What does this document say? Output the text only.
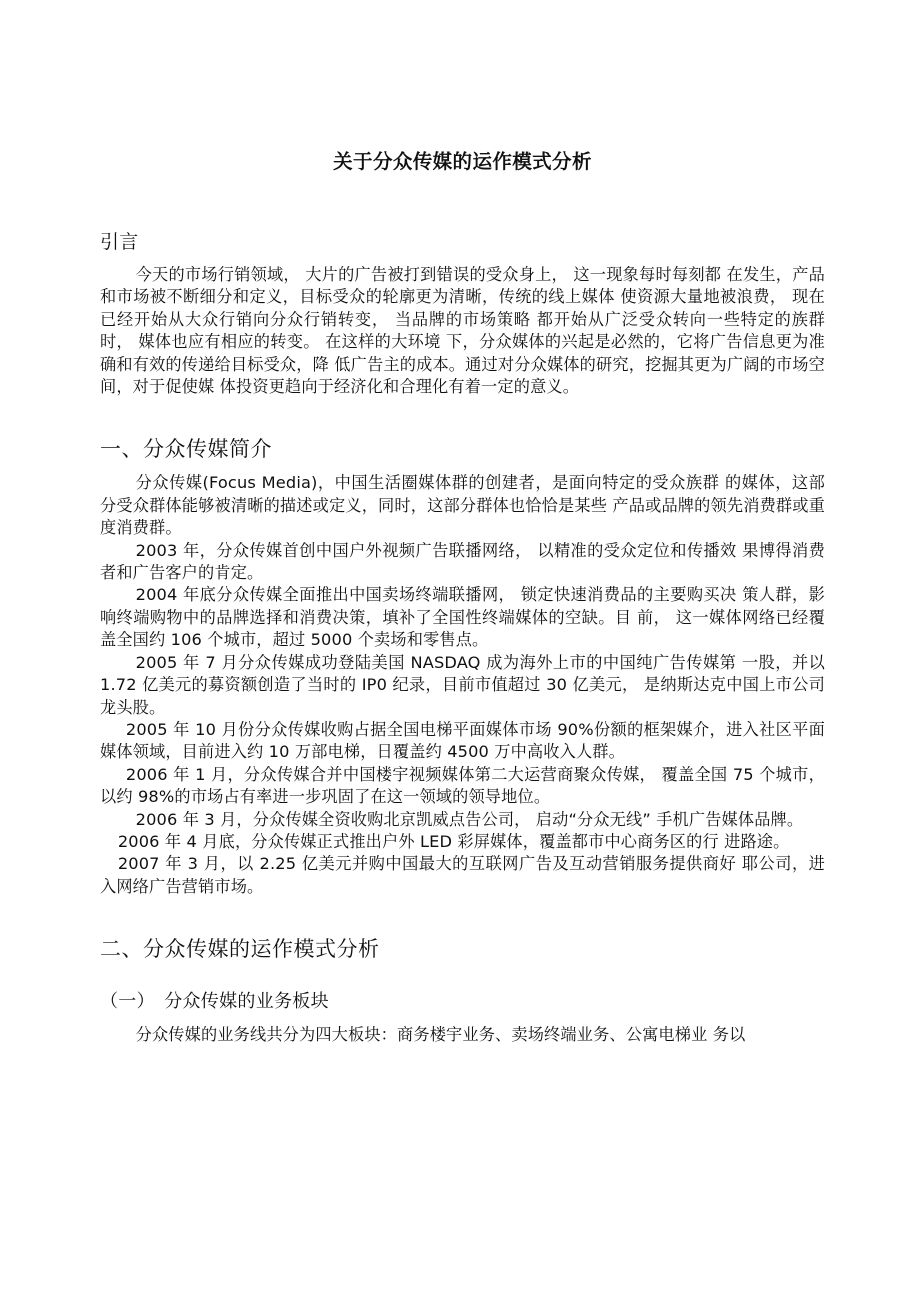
关于分众传媒的运作模式分析
引言

今天的市场行销领域， 大片的广告被打到错误的受众身上， 这一现象每时每刻都 在发生，产品和市场被不断细分和定义，目标受众的轮廓更为清晰，传统的线上媒体 使资源大量地被浪费， 现在已经开始从大众行销向分众行销转变， 当品牌的市场策略 都开始从广泛受众转向一些特定的族群时， 媒体也应有相应的转变。 在这样的大环境 下，分众媒体的兴起是必然的，它将广告信息更为准确和有效的传递给目标受众，降 低广告主的成本。通过对分众媒体的研究，挖掘其更为广阔的市场空间，对于促使媒 体投资更趋向于经济化和合理化有着一定的意义。

一、分众传媒简介

分众传媒(Focus Media)，中国生活圈媒体群的创建者，是面向特定的受众族群 的媒体，这部分受众群体能够被清晰的描述或定义，同时，这部分群体也恰恰是某些 产品或品牌的领先消费群或重度消费群。

2003 年，分众传媒首创中国户外视频广告联播网络， 以精准的受众定位和传播效 果博得消费者和广告客户的肯定。

2004 年底分众传媒全面推出中国卖场终端联播网， 锁定快速消费品的主要购买决 策人群，影响终端购物中的品牌选择和消费决策，填补了全国性终端媒体的空缺。目 前， 这一媒体网络已经覆盖全国约 106 个城市，超过 5000 个卖场和零售点。

2005 年 7 月分众传媒成功登陆美国 NASDAQ 成为海外上市的中国纯广告传媒第 一股，并以 1.72 亿美元的募资额创造了当时的 IP0 纪录，目前市值超过 30 亿美元， 是纳斯达克中国上市公司龙头股。

2005 年 10 月份分众传媒收购占据全国电梯平面媒体市场 90%份额的框架媒介，进入社区平面媒体领域，目前进入约 10 万部电梯，日覆盖约 4500 万中高收入人群。

2006 年 1 月，分众传媒合并中国楼宇视频媒体第二大运营商聚众传媒， 覆盖全国 75 个城市，以约 98%的市场占有率进一步巩固了在这一领域的领导地位。

2006 年 3 月，分众传媒全资收购北京凯威点告公司， 启动“分众无线” 手机广告媒体品牌。

2006 年 4 月底，分众传媒正式推出户外 LED 彩屏媒体，覆盖都市中心商务区的行 进路途。

2007 年 3 月，以 2.25 亿美元并购中国最大的互联网广告及互动营销服务提供商好 耶公司，进入网络广告营销市场。

二、分众传媒的运作模式分析
（一）　分众传媒的业务板块

分众传媒的业务线共分为四大板块：商务楼宇业务、卖场终端业务、公寓电梯业 务以
